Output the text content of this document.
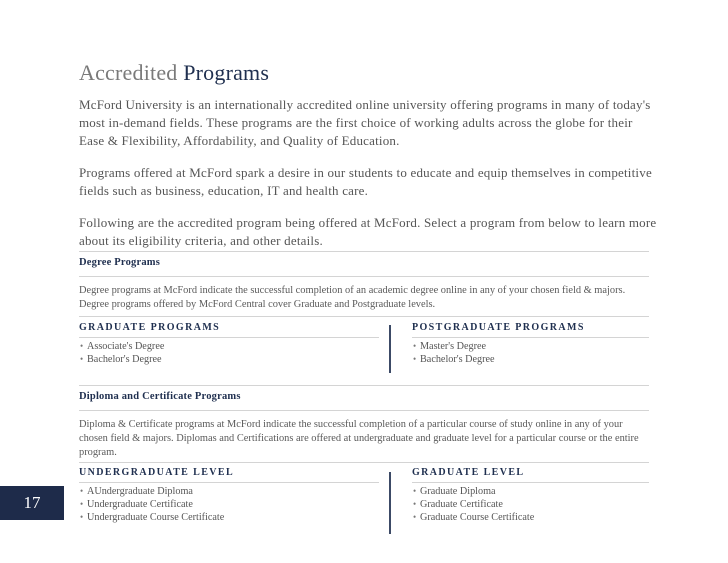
Accredited Programs

McFord University is an internationally accredited online university offering programs in many of today's most in-demand fields. These programs are the first choice of working adults across the globe for their Ease & Flexibility, Affordability, and Quality of Education.

Programs offered at McFord spark a desire in our students to educate and equip themselves in competitive fields such as business, education, IT and health care.

Following are the accredited program being offered at McFord. Select a program from below to learn more about its eligibility criteria, and other details.

Degree Programs

Degree programs at McFord indicate the successful completion of an academic degree online in any of your chosen field & majors. Degree programs offered by McFord Central cover Graduate and Postgraduate levels.

GRADUATE PROGRAMS
• Associate's Degree
• Bachelor's Degree
POSTGRADUATE PROGRAMS
• Master's Degree
• Bachelor's Degree
Diploma and Certificate Programs

Diploma & Certificate programs at McFord indicate the successful completion of a particular course of study online in any of your chosen field & majors. Diplomas and Certifications are offered at undergraduate and graduate level for a particular course or the entire program.

UNDERGRADUATE LEVEL
• AUndergraduate Diploma
• Undergraduate Certificate
• Undergraduate Course Certificate
GRADUATE LEVEL
• Graduate Diploma
• Graduate Certificate
• Graduate Course Certificate
17
